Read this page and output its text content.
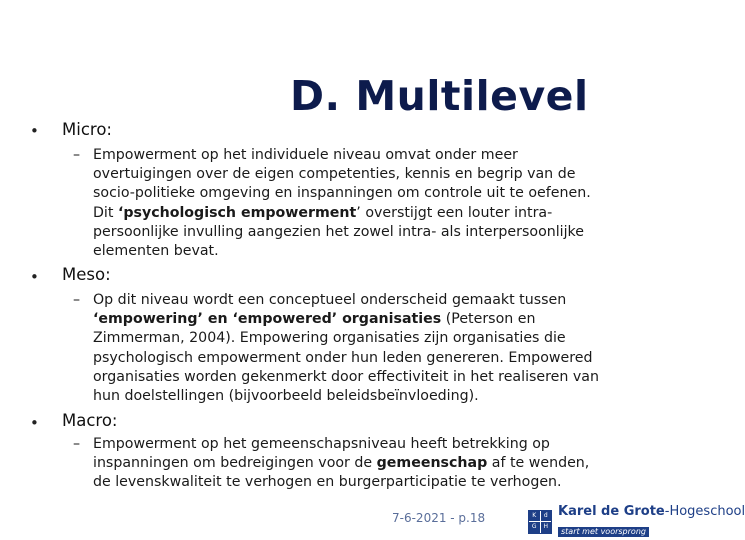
D. Multilevel
• Micro:
– Empowerment op het individuele niveau omvat onder meer
overtuigingen over de eigen competenties, kennis en begrip van de
socio-politieke omgeving en inspanningen om controle uit te oefenen.
Dit ‘psychologisch empowerment’ overstijgt een louter intra-
persoonlijke invulling aangezien het zowel intra- als interpersoonlijke
elementen bevat.
• Meso:
– Op dit niveau wordt een conceptueel onderscheid gemaakt tussen
‘empowering’ en ‘empowered’ organisaties (Peterson en
Zimmerman, 2004). Empowering organisaties zijn organisaties die
psychologisch empowerment onder hun leden genereren. Empowered
organisaties worden gekenmerkt door effectiviteit in het realiseren van
hun doelstellingen (bijvoorbeeld beleidsbeïnvloeding).
• Macro:
– Empowerment op het gemeenschapsniveau heeft betrekking op
inspanningen om bedreigingen voor de gemeenschap af te wenden,
de levenskwaliteit te verhogen en burgerparticipatie te verhogen.
7-6-2021 - p.18	K	d
G	H
Karel de Grote-Hogeschool
start met voorsprong
